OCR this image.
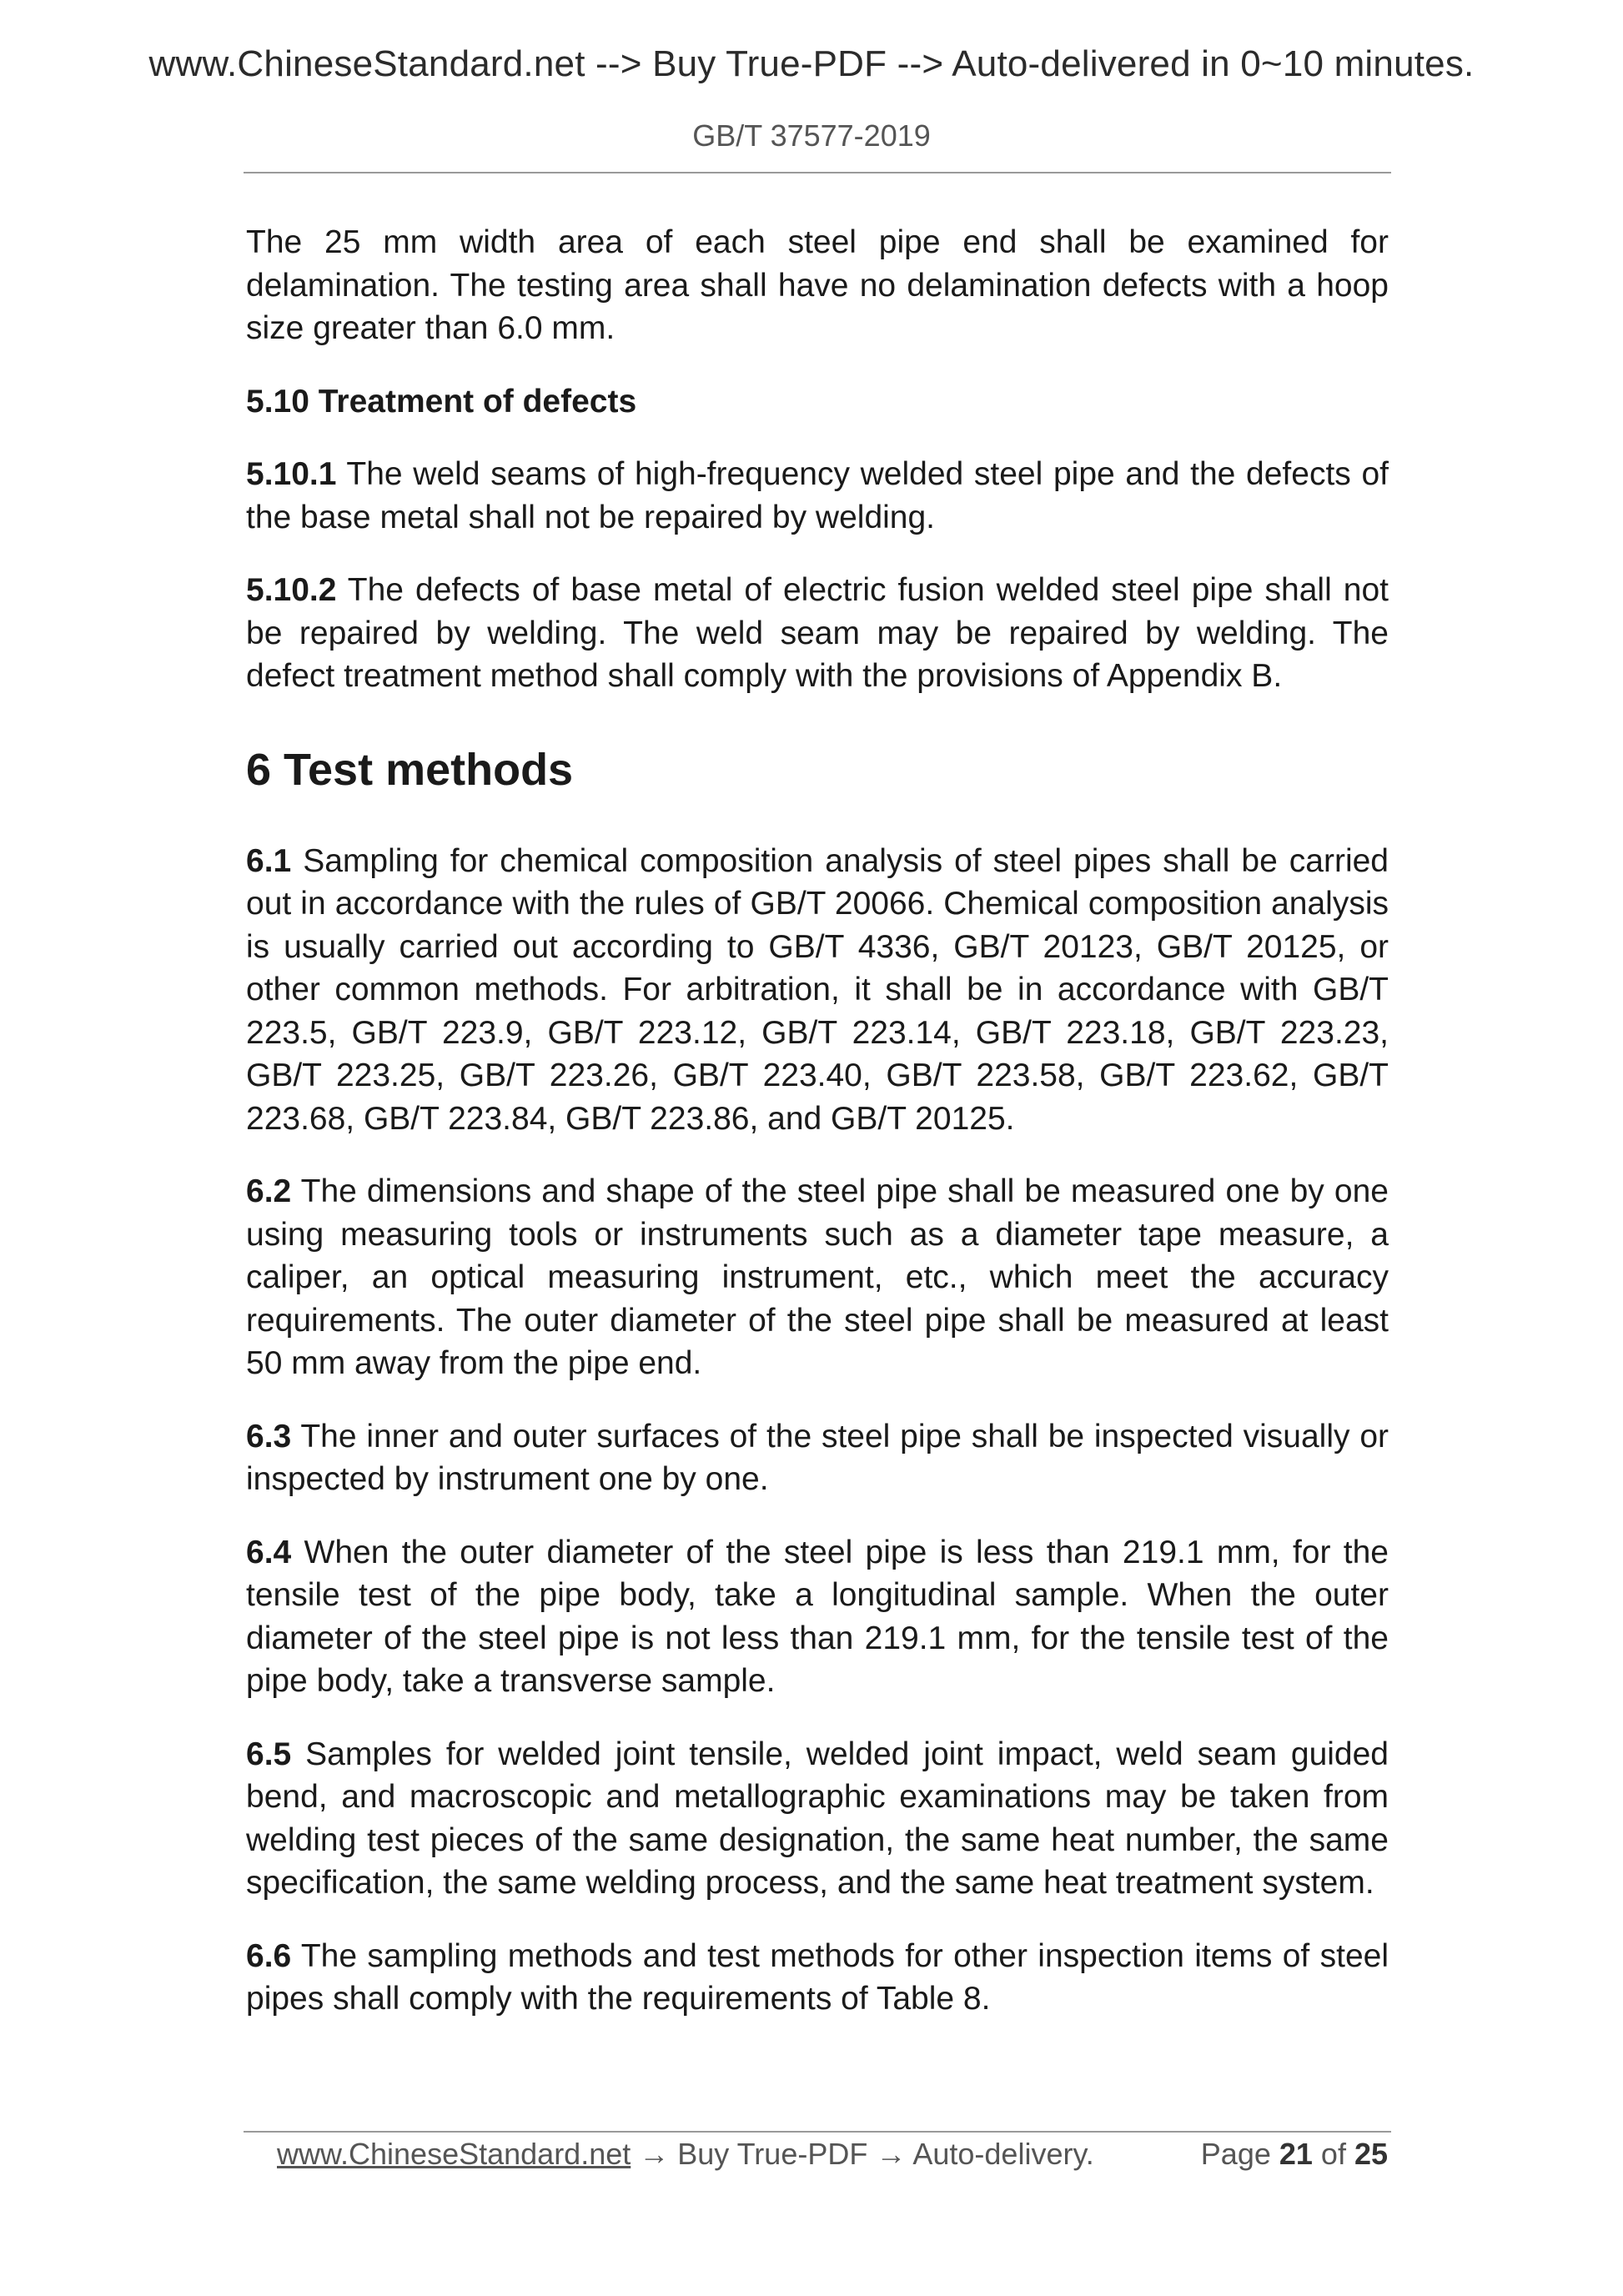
www.ChineseStandard.net --> Buy True-PDF --> Auto-delivered in 0~10 minutes.
GB/T 37577-2019

The 25 mm width area of each steel pipe end shall be examined for delamination. The testing area shall have no delamination defects with a hoop size greater than 6.0 mm.

5.10 Treatment of defects

5.10.1 The weld seams of high-frequency welded steel pipe and the defects of the base metal shall not be repaired by welding.

5.10.2 The defects of base metal of electric fusion welded steel pipe shall not be repaired by welding. The weld seam may be repaired by welding. The defect treatment method shall comply with the provisions of Appendix B.

6 Test methods

6.1 Sampling for chemical composition analysis of steel pipes shall be carried out in accordance with the rules of GB/T 20066. Chemical composition analysis is usually carried out according to GB/T 4336, GB/T 20123, GB/T 20125, or other common methods. For arbitration, it shall be in accordance with GB/T 223.5, GB/T 223.9, GB/T 223.12, GB/T 223.14, GB/T 223.18, GB/T 223.23, GB/T 223.25, GB/T 223.26, GB/T 223.40, GB/T 223.58, GB/T 223.62, GB/T 223.68, GB/T 223.84, GB/T 223.86, and GB/T 20125.

6.2 The dimensions and shape of the steel pipe shall be measured one by one using measuring tools or instruments such as a diameter tape measure, a caliper, an optical measuring instrument, etc., which meet the accuracy requirements. The outer diameter of the steel pipe shall be measured at least 50 mm away from the pipe end.

6.3 The inner and outer surfaces of the steel pipe shall be inspected visually or inspected by instrument one by one.

6.4 When the outer diameter of the steel pipe is less than 219.1 mm, for the tensile test of the pipe body, take a longitudinal sample. When the outer diameter of the steel pipe is not less than 219.1 mm, for the tensile test of the pipe body, take a transverse sample.

6.5 Samples for welded joint tensile, welded joint impact, weld seam guided bend, and macroscopic and metallographic examinations may be taken from welding test pieces of the same designation, the same heat number, the same specification, the same welding process, and the same heat treatment system.

6.6 The sampling methods and test methods for other inspection items of steel pipes shall comply with the requirements of Table 8.

www.ChineseStandard.net → Buy True-PDF → Auto-delivery.	Page 21 of 25
